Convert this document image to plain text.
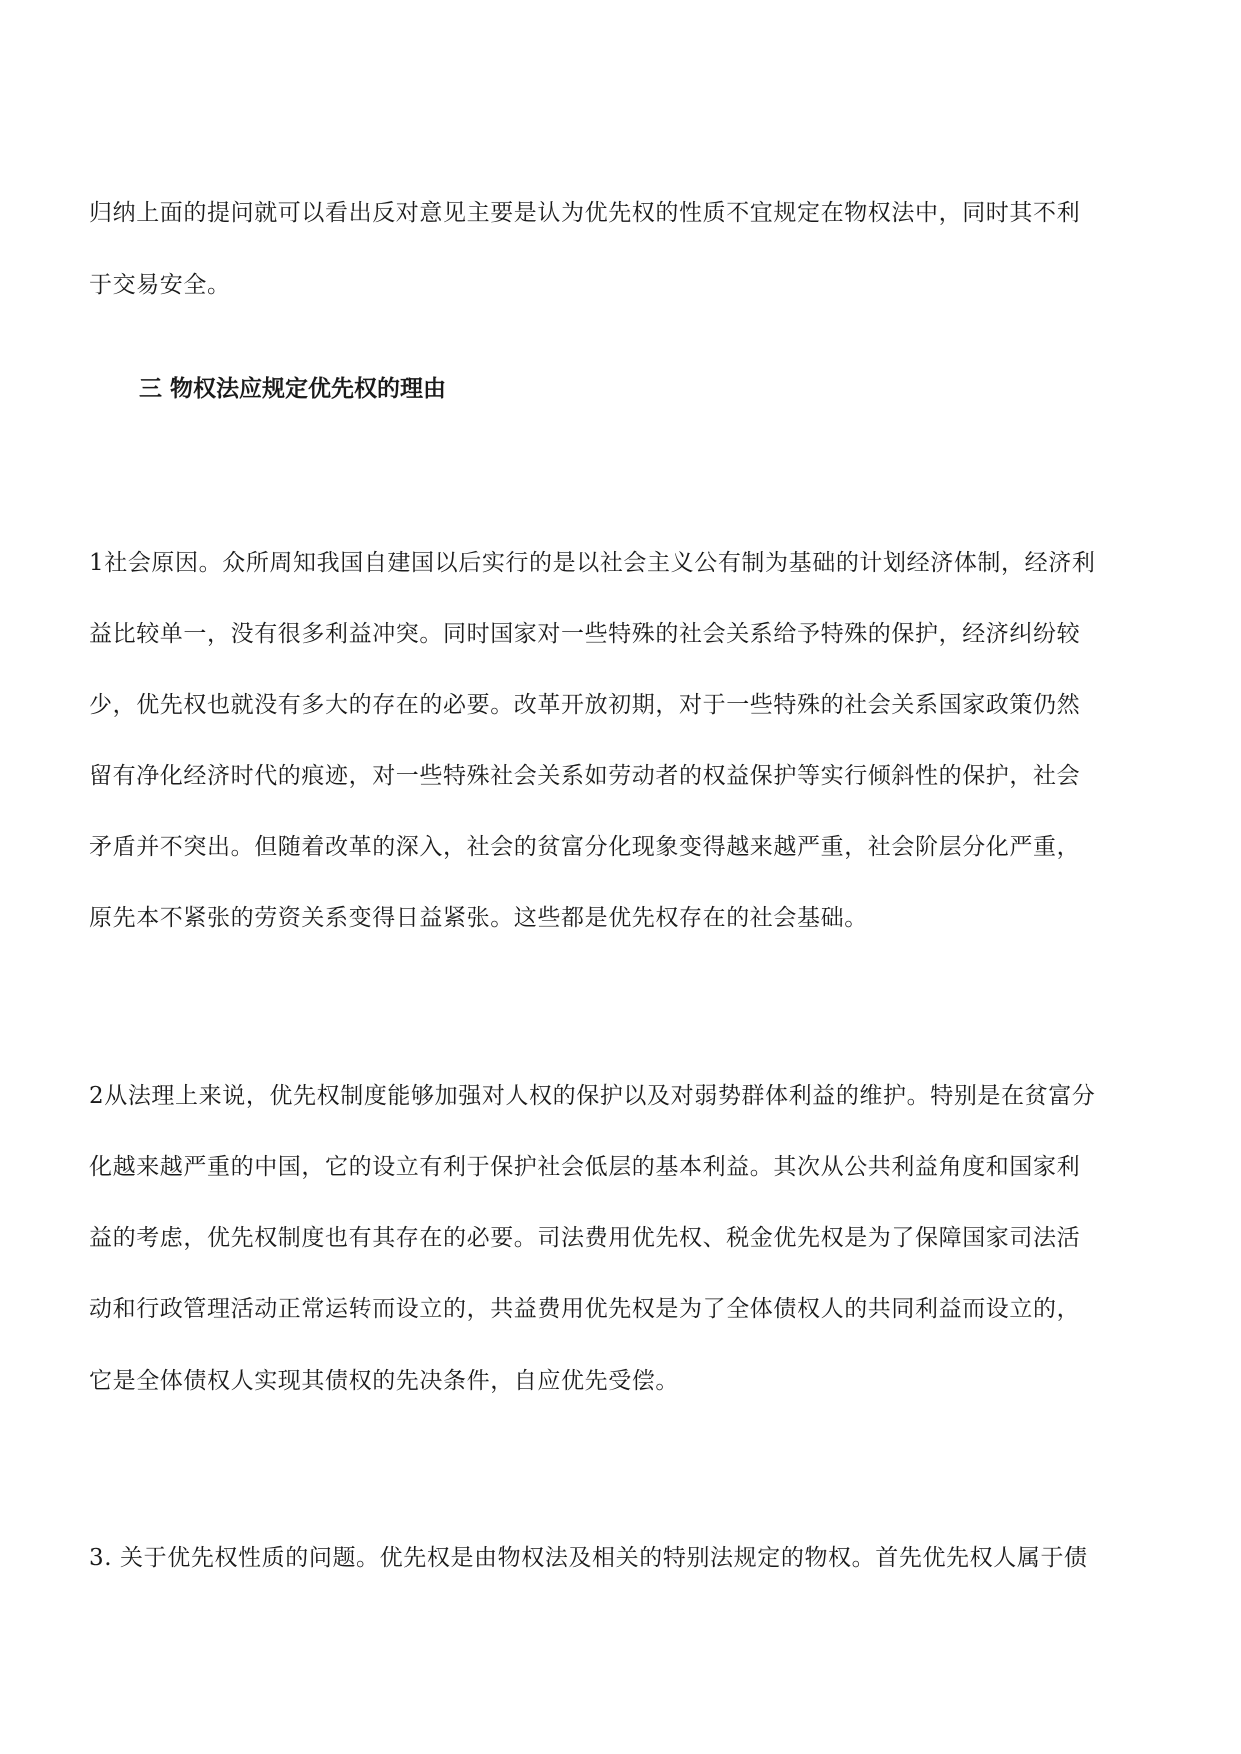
归纳上面的提问就可以看出反对意见主要是认为优先权的性质不宜规定在物权法中，同时其不利
于交易安全。
三 物权法应规定优先权的理由
1社会原因。众所周知我国自建国以后实行的是以社会主义公有制为基础的计划经济体制，经济利
益比较单一，没有很多利益冲突。同时国家对一些特殊的社会关系给予特殊的保护，经济纠纷较
少，优先权也就没有多大的存在的必要。改革开放初期，对于一些特殊的社会关系国家政策仍然
留有净化经济时代的痕迹，对一些特殊社会关系如劳动者的权益保护等实行倾斜性的保护，社会
矛盾并不突出。但随着改革的深入，社会的贫富分化现象变得越来越严重，社会阶层分化严重，
原先本不紧张的劳资关系变得日益紧张。这些都是优先权存在的社会基础。
2从法理上来说，优先权制度能够加强对人权的保护以及对弱势群体利益的维护。特别是在贫富分
化越来越严重的中国，它的设立有利于保护社会低层的基本利益。其次从公共利益角度和国家利
益的考虑，优先权制度也有其存在的必要。司法费用优先权、税金优先权是为了保障国家司法活
动和行政管理活动正常运转而设立的，共益费用优先权是为了全体债权人的共同利益而设立的，
它是全体债权人实现其债权的先决条件，自应优先受偿。
3. 关于优先权性质的问题。优先权是由物权法及相关的特别法规定的物权。首先优先权人属于债
